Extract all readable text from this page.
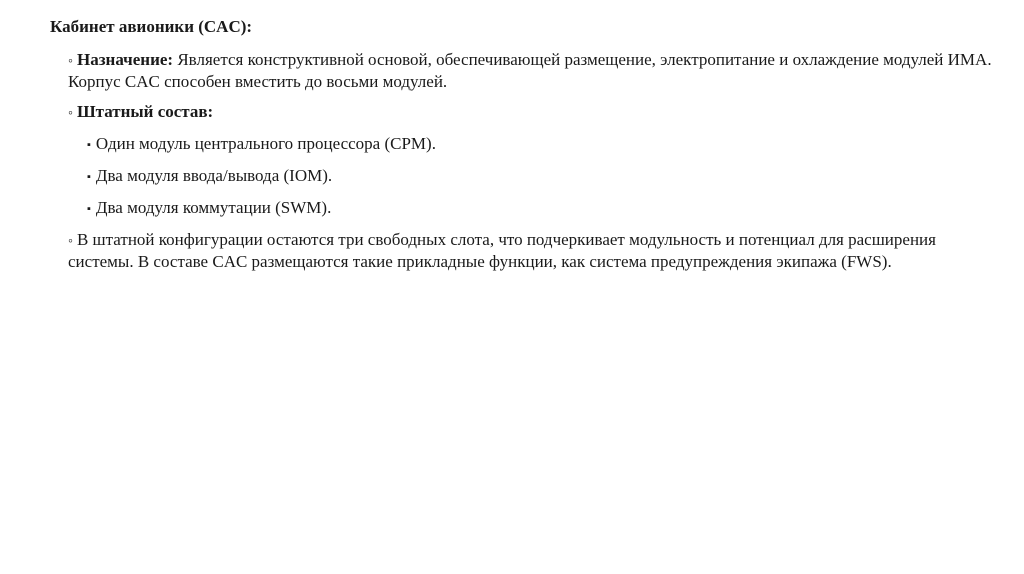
Кабинет авионики (CAC):
◦ Назначение: Является конструктивной основой, обеспечивающей размещение, электропитание и охлаждение модулей ИМА. Корпус CAC способен вместить до восьми модулей.
◦ Штатный состав:
▪ Один модуль центрального процессора (CPM).
▪ Два модуля ввода/вывода (IOM).
▪ Два модуля коммутации (SWM).
◦ В штатной конфигурации остаются три свободных слота, что подчеркивает модульность и потенциал для расширения системы. В составе CAC размещаются такие прикладные функции, как система предупреждения экипажа (FWS).
